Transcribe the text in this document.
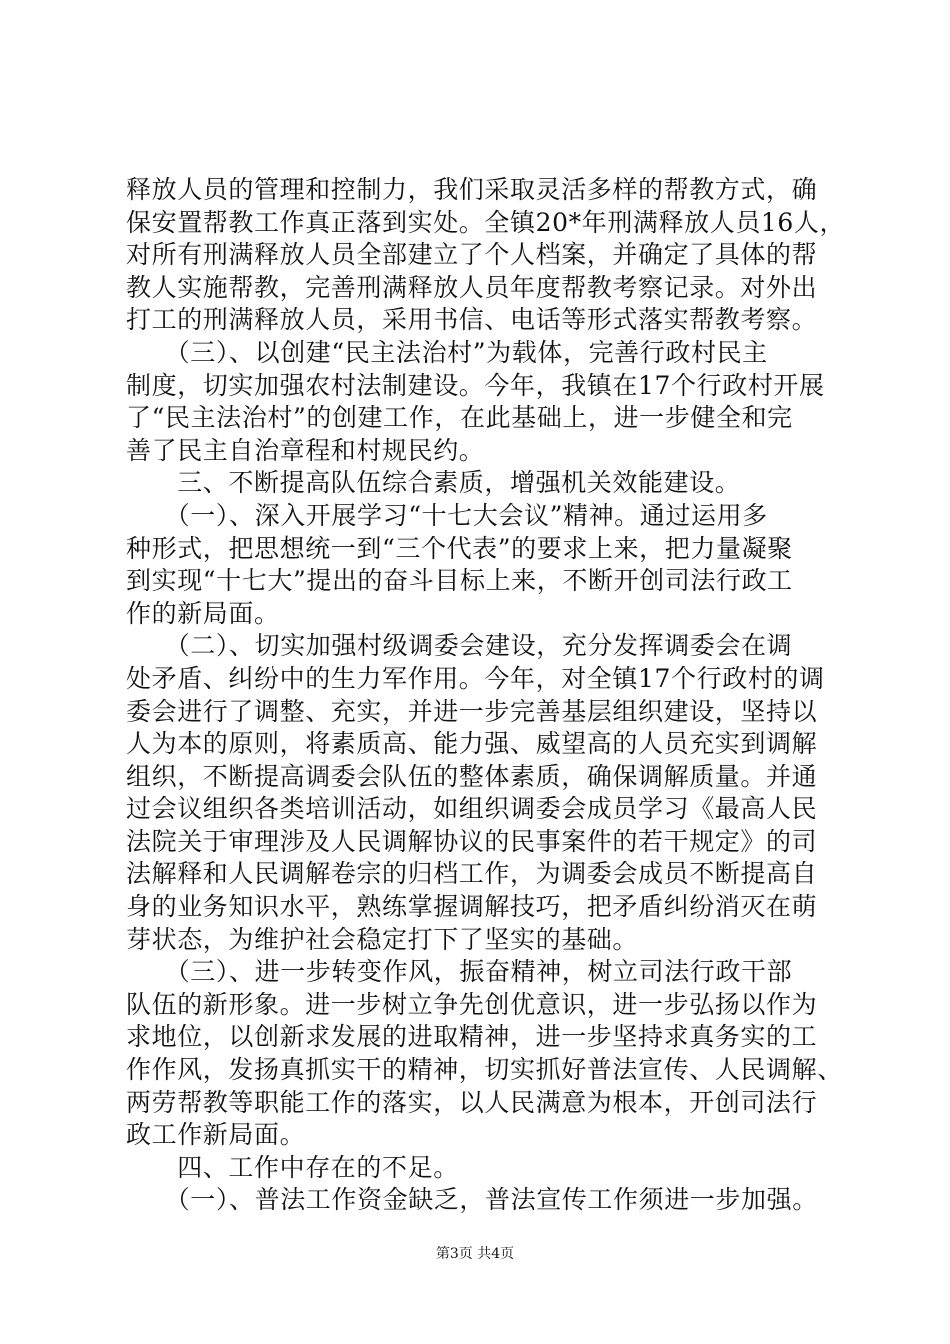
释放人员的管理和控制力，我们采取灵活多样的帮教方式，确
保安置帮教工作真正落到实处。全镇20*年刑满释放人员16人，
对所有刑满释放人员全部建立了个人档案，并确定了具体的帮
教人实施帮教，完善刑满释放人员年度帮教考察记录。对外出
打工的刑满释放人员，采用书信、电话等形式落实帮教考察。
　　（三）、以创建“民主法治村”为载体，完善行政村民主
制度，切实加强农村法制建设。今年，我镇在17个行政村开展
了“民主法治村”的创建工作，在此基础上，进一步健全和完
善了民主自治章程和村规民约。
　　三、不断提高队伍综合素质，增强机关效能建设。
　　（一）、深入开展学习“十七大会议”精神。通过运用多
种形式，把思想统一到“三个代表”的要求上来，把力量凝聚
到实现“十七大”提出的奋斗目标上来，不断开创司法行政工
作的新局面。
　　（二）、切实加强村级调委会建设，充分发挥调委会在调
处矛盾、纠纷中的生力军作用。今年，对全镇17个行政村的调
委会进行了调整、充实，并进一步完善基层组织建设，坚持以
人为本的原则，将素质高、能力强、威望高的人员充实到调解
组织，不断提高调委会队伍的整体素质，确保调解质量。并通
过会议组织各类培训活动，如组织调委会成员学习《最高人民
法院关于审理涉及人民调解协议的民事案件的若干规定》的司
法解释和人民调解卷宗的归档工作，为调委会成员不断提高自
身的业务知识水平，熟练掌握调解技巧，把矛盾纠纷消灭在萌
芽状态，为维护社会稳定打下了坚实的基础。
　　（三）、进一步转变作风，振奋精神，树立司法行政干部
队伍的新形象。进一步树立争先创优意识，进一步弘扬以作为
求地位，以创新求发展的进取精神，进一步坚持求真务实的工
作作风，发扬真抓实干的精神，切实抓好普法宣传、人民调解、
两劳帮教等职能工作的落实，以人民满意为根本，开创司法行
政工作新局面。
　　四、工作中存在的不足。
　　（一）、普法工作资金缺乏，普法宣传工作须进一步加强。
第3页 共4页
